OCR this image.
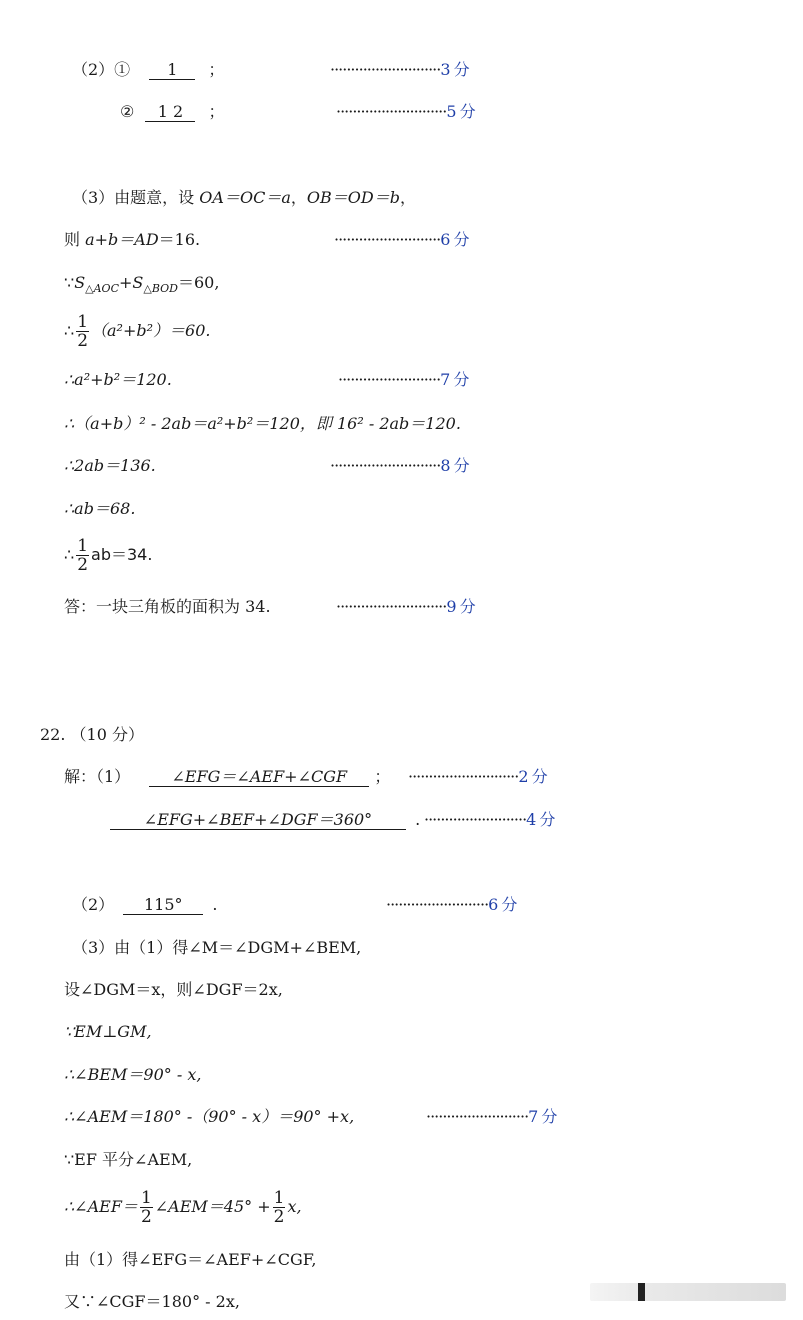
（2）① 1 ；	···························3 分
② 1 2 ；	···························5 分
（3）由题意，设 OA＝OC＝a，OB＝OD＝b，
则 a+b＝AD＝16.	··························6 分
$\because S_{\triangle AOC}+S_{\triangle BOD}=60$,
∴ $\frac{1}{2} (a^2+b^2)=60$.
∴a²+b²＝120.	·························7 分
∴（a+b）² - 2ab＝a²+b²＝120，即 16² - 2ab＝120.
∴2ab＝136.	···························8 分
∴ab＝68.
∴ $\frac{1}{2} ab=34$.
答：一块三角板的面积为 34.	···························9 分
22. （10 分）
解：（1）	∠EFG＝∠AEF+∠CGF ； ···························2 分
∠EFG+∠BEF+∠DGF＝360°	. ·························4 分
（2） 115° .	·························6 分
（3）由（1）得∠M＝∠DGM+∠BEM,
设∠DGM＝x，则∠DGF＝2x,
∵EM⊥GM,
∴∠BEM＝90° - x,
∴∠AEM＝180° -（90° - x）＝90° +x,	·························7 分
∵EF 平分∠AEM,
∴∠AEF＝ $\frac{1}{2}$ ∠AEM＝45° + $\frac{1}{2} x$,
由（1）得∠EFG＝∠AEF+∠CGF,
又∵∠CGF＝180° - 2x,
